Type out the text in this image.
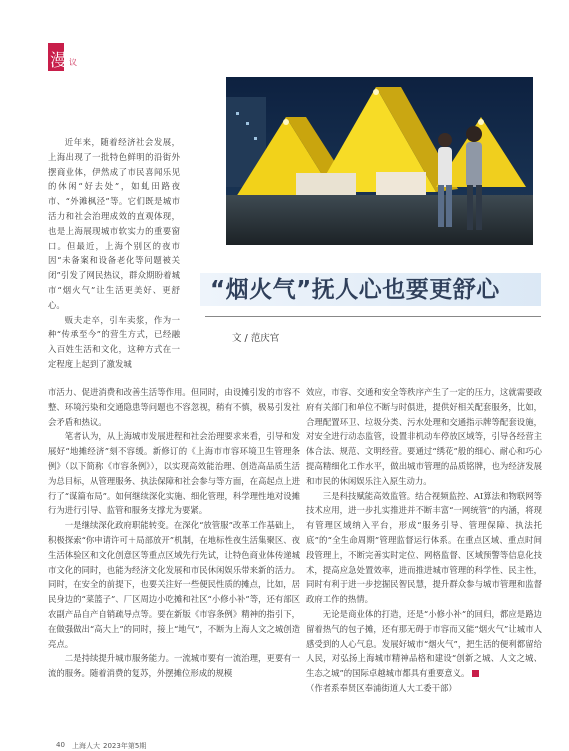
漫 议

近年来，随着经济社会发展，上海出现了一批特色鲜明的沿街外摆商业体，伊然成了市民喜闻乐见的休闲“好去处”，如虬田路夜市、“外滩枫泾”等。它们既是城市活力和社会治理成效的直观体现，也是上海展现城市软实力的重要窗口。但最近，上海个别区的夜市因“未备案和设备老化等问题被关闭”引发了网民热议，群众期盼着城市“烟火气”让生活更美好、更舒心。

贩夫走卒，引车卖浆，作为一种“传承至今”的营生方式，已经融入百姓生活和文化，这种方式在一定程度上起到了激发城

“烟火气”抚人心也要更舒心
文 / 范庆官

市活力、促进消费和改善生活等作用。但同时，由设摊引发的市容不整、环境污染和交通隐患等问题也不容忽视，稍有不慎，极易引发社会矛盾和热议。

笔者认为，从上海城市发展进程和社会治理要求来看，引导和发展好“地摊经济”刻不容缓。新修订的《上海市市容环境卫生管理条例》（以下简称《市容条例》），以实现高效能治理、创造高品质生活为总目标，从管理服务、执法保障和社会参与等方面，在高起点上进行了“谋篇布局”。如何继续深化实施、细化管理，科学理性地对设摊行为进行引导、监管和服务支撑尤为要紧。

一是继续深化政府职能转变。在深化“放管服”改革工作基础上，积极探索“你申请许可＋局部放开”机制，在地标性夜生活集聚区、夜生活体验区和文化创意区等重点区域先行先试，让特色商业体传递城市文化的同时，也能为经济文化发展和市民休闲娱乐带来新的活力。同时，在安全的前提下，也要关注好一些便民性质的摊点，比如，居民身边的“菜篮子”、厂区周边小吃摊和社区“小修小补”等，还有部区农副产品自产自销疏导点等。要在新版《市容条例》精神的指引下，在做强做出“高大上”的同时，接上“地气”，不断为上海人文之城创造亮点。

二是持续提升城市服务能力。一流城市要有一流治理，更要有一流的服务。随着消费的复苏，外摆摊位形成的规模

效应，市容、交通和安全等秩序产生了一定的压力，这就需要政府有关部门和单位不断与时俱进，提供好相关配套服务，比如，合理配置环卫、垃圾分类、污水处理和交通指示牌等配套设施，对安全进行动态监管，设置非机动车停放区域等，引导各经营主体合法、规范、文明经营。要通过“绣花”般的细心、耐心和巧心提高精细化工作水平，做出城市管理的品质铭牌，也为经济发展和市民的休闲娱乐注入原生动力。

三是科技赋能高效监管。结合视频监控、AI算法和物联网等技术应用，进一步扎实推进并不断丰富“一网统管”的内涵，将现有管理区域纳入平台，形成“服务引导、管理保障、执法托底”的“全生命周期”管理监督运行体系。在重点区域、重点时间段管理上，不断完善实时定位、网格监督、区域预警等信息化技术，提高应急处置效率，进而推进城市管理的科学性、民主性，同时有利于进一步挖掘民智民慧，提升群众参与城市管理和监督政府工作的热情。

无论是商业体的打造，还是“小修小补”的回归，都应是路边留着热气的包子摊，还有那无碍于市容而又能“烟火气”让城市人感受到的人心气息。发展好城市“烟火气”，把生活的便利都留给人民，对弘扬上海城市精神品格和建设“创新之城、人文之城、生态之城”的国际卓越城市都具有重要意义。

（作者系奉贤区奉浦街道人大工委干部）

40 上海人大 2023年第5期
